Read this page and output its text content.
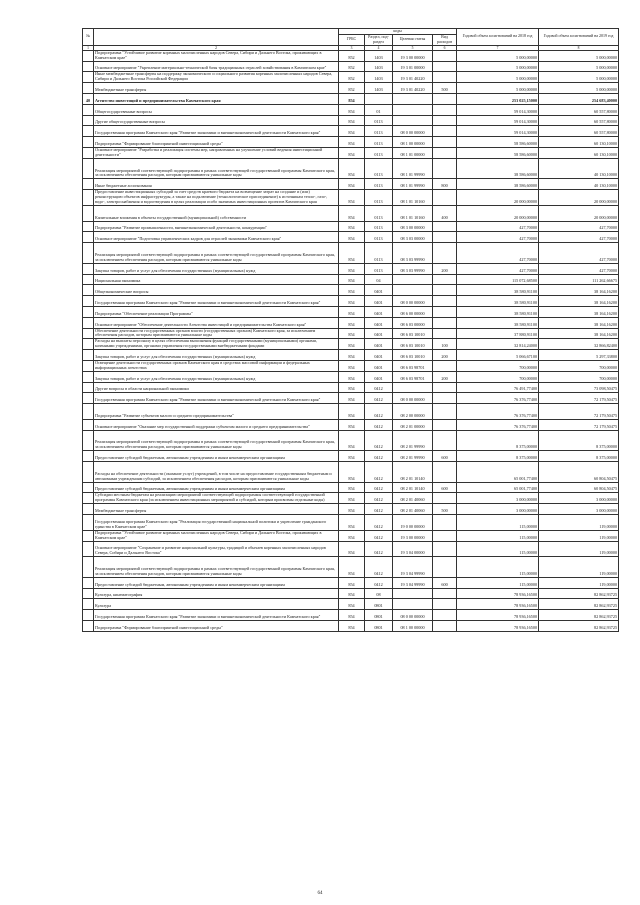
№		коды				Годовой объем ассигнований на 2018 год	Годовой объем ассигнований на 2019 год
		ГРБС	Раздел, под-раздел	Целевая статья	Вид расходов		
1	2	3	4	5	6	7	8
	Подпрограмма "Устойчивое развитие коренных малочисленных народов Севера, Сибири и Дальнего Востока, проживающих в Камчатском крае"	852	1403	19 3 00 00000		5 000,00000	5 000,00000
	Основное мероприятие "Укрепление материально-технической базы традиционных отраслей хозяйствования в Камчатском крае"	852	1403	19 3 01 00000		5 000,00000	5 000,00000
	Иные межбюджетные трансферты на поддержку экономического и социального развития коренных малочисленных народов Севера, Сибири и Дальнего Востока Российской Федерации	852	1403	19 3 01 40220		5 000,00000	5 000,00000
	Межбюджетные трансферты	852	1403	19 3 01 40220	500	5 000,00000	5 000,00000
40	Агентство инвестиций и предпринимательства Камчатского края	854				253 025,15000	254 683,40000
	Общегосударственные вопросы	854	01			59 014,30000	60 557,80000
	Другие общегосударственные вопросы	854	0113			59 014,30000	60 557,80000
	Государственная программа Камчатского края "Развитие экономики и внешнеэкономической деятельности Камчатского края"	854	0113	08 0 00 00000		59 014,30000	60 557,80000
	Подпрограмма "Формирование благоприятной инвестиционной среды"	854	0113	08 1 00 00000		58 586,60000	60 130,10000
	Основное мероприятие "Разработка и реализация системы мер, направленных на улучшение условий ведения инвестиционной деятельности"	854	0113	08 1 01 00000		58 586,60000	60 130,10000
	Реализация мероприятий соответствующей подпрограммы в рамках соответствующей государственной программы Камчатского края, за исключением обеспечения расходов, которым присваиваются уникальные коды	854	0113	08 1 01 99990		38 586,60000	40 130,10000
	Иные бюджетные ассигнования	854	0113	08 1 01 99990	800	38 586,60000	40 130,10000
	Предоставление инвестиционных субсидий за счет средств краевого бюджета на возмещение затрат на создание и (или) реконструкцию объектов инфраструктуры, а также на подключение (технологическое присоединение) к источникам тепло-, газо-, водо-, электроснабжения и водоотведения в целях реализации особо значимых инвестиционных проектов Камчатского края	854	0113	08 1 01 10160		20 000,00000	20 000,00000
	Капитальные вложения в объекты государственной (муниципальной) собственности	854	0113	08 1 01 10160	400	20 000,00000	20 000,00000
	Подпрограмма "Развитие промышленности, внешнеэкономической деятельности, конкуренции"	854	0113	08 3 00 00000		427,70000	427,70000
	Основное мероприятие "Подготовка управленческих кадров для отраслей экономики Камчатского края"	854	0113	08 3 03 00000		427,70000	427,70000
	Реализация мероприятий соответствующей подпрограммы в рамках соответствующей государственной программы Камчатского края, за исключением обеспечения расходов, которым присваиваются уникальные коды	854	0113	08 3 03 99990		427,70000	427,70000
	Закупка товаров, работ и услуг для обеспечения государственных (муниципальных) нужд	854	0113	08 3 03 99990	200	427,70000	427,70000
	Национальная экономика	854	04			115 072,68500	111 262,66675
	Общеэкономические вопросы	854	0401			38 580,91100	38 164,16200
	Государственная программа Камчатского края "Развитие экономики и внешнеэкономической деятельности Камчатского края"	854	0401	08 0 00 00000		38 580,91100	38 164,16200
	Подпрограмма "Обеспечение реализации Программы"	854	0401	08 6 00 00000		38 580,91100	38 164,16200
	Основное мероприятие "Обеспечение деятельности Агентства инвестиций и предпринимательства Камчатского края"	854	0401	08 6 03 00000		38 580,91100	38 164,16200
	Обеспечение деятельности государственных органов власти (государственных органов) Камчатского края, за исключением обеспечения расходов, которым присваиваются уникальные коды	854	0401	08 6 03 10010		37 880,91100	38 164,16200
	Расходы на выплаты персоналу в целях обеспечения выполнения функций государственными (муниципальными) органами, казенными учреждениями, органами управления государственными внебюджетными фондами	854	0401	08 6 03 10010	100	32 814,24000	32 866,82400
	Закупка товаров, работ и услуг для обеспечения государственных (муниципальных) нужд	854	0401	08 6 03 10010	200	5 066,67100	5 297,33800
	Освещение деятельности государственных органов Камчатского края в средствах массовой информации и федеральных информационных агентствах	854	0401	08 6 03 98701		700,00000	700,00000
	Закупка товаров, работ и услуг для обеспечения государственных (муниципальных) нужд	854	0401	08 6 03 98701	200	700,00000	700,00000
	Другие вопросы в области национальной экономики	854	0412			76 491,77400	73 098,50475
	Государственная программа Камчатского края "Развитие экономики и внешнеэкономической деятельности Камчатского края"	854	0412	08 0 00 00000		76 376,77400	72 179,50475
	Подпрограмма "Развитие субъектов малого и среднего предпринимательства"	854	0412	08 2 00 00000		76 376,77400	72 179,50475
	Основное мероприятие "Оказание мер государственной поддержки субъектам малого и среднего предпринимательства"	854	0412	08 2 01 00000		76 376,77400	72 179,50475
	Реализация мероприятий соответствующей подпрограммы в рамках соответствующей государственной программы Камчатского края, за исключением обеспечения расходов, которым присваиваются уникальные коды	854	0412	08 2 01 99990		8 375,00000	8 375,00000
	Предоставление субсидий бюджетным, автономным учреждениям и иным некоммерческим организациям	854	0412	08 2 01 99990	600	8 375,00000	8 375,00000
	Расходы на обеспечение деятельности (оказание услуг) учреждений, в том числе на предоставление государственным бюджетным и автономным учреждениям субсидий, за исключением обеспечения расходов, которым присваиваются уникальные коды	854	0412	08 2 01 10140		65 001,77400	60 804,50475
	Предоставление субсидий бюджетным, автономным учреждениям и иным некоммерческим организациям	854	0412	08 2 01 10140	600	65 001,77400	60 804,50475
	Субсидии местным бюджетам на реализацию мероприятий соответствующей подпрограммы соответствующей государственной программы Камчатского края (за исключением инвестиционных мероприятий и субсидий, которым присвоены отдельные коды)	854	0412	08 2 01 40060		3 000,00000	3 000,00000
	Межбюджетные трансферты	854	0412	08 2 01 40060	500	3 000,00000	3 000,00000
	Государственная программа Камчатского края "Реализация государственной национальной политики и укрепление гражданского единства в Камчатском крае"	854	0412	19 0 00 00000		115,00000	119,00000
	Подпрограмма "Устойчивое развитие коренных малочисленных народов Севера, Сибири и Дальнего Востока, проживающих в Камчатском крае"	854	0412	19 3 00 00000		115,00000	119,00000
	Основное мероприятие "Сохранение и развитие национальной культуры, традиций и обычаев коренных малочисленных народов Севера, Сибири и Дальнего Востока"	854	0412	19 3 04 00000		115,00000	119,00000
	Реализация мероприятий соответствующей подпрограммы в рамках соответствующей государственной программы Камчатского края, за исключением обеспечения расходов, которым присваиваются уникальные коды	854	0412	19 3 04 99990		115,00000	119,00000
	Предоставление субсидий бюджетным, автономным учреждениям и иным некоммерческим организациям	854	0412	19 3 04 99990	600	115,00000	119,00000
	Культура, кинематография	854	08			78 936,16500	82 862,93725
	Культура	854	0801			78 936,16500	82 862,93725
	Государственная программа Камчатского края "Развитие экономики и внешнеэкономической деятельности Камчатского края"	854	0801	08 0 00 00000		78 936,16500	82 862,93725
	Подпрограмма "Формирование благоприятной инвестиционной среды"	854	0801	08 1 00 00000		78 936,16500	82 862,93725
64
